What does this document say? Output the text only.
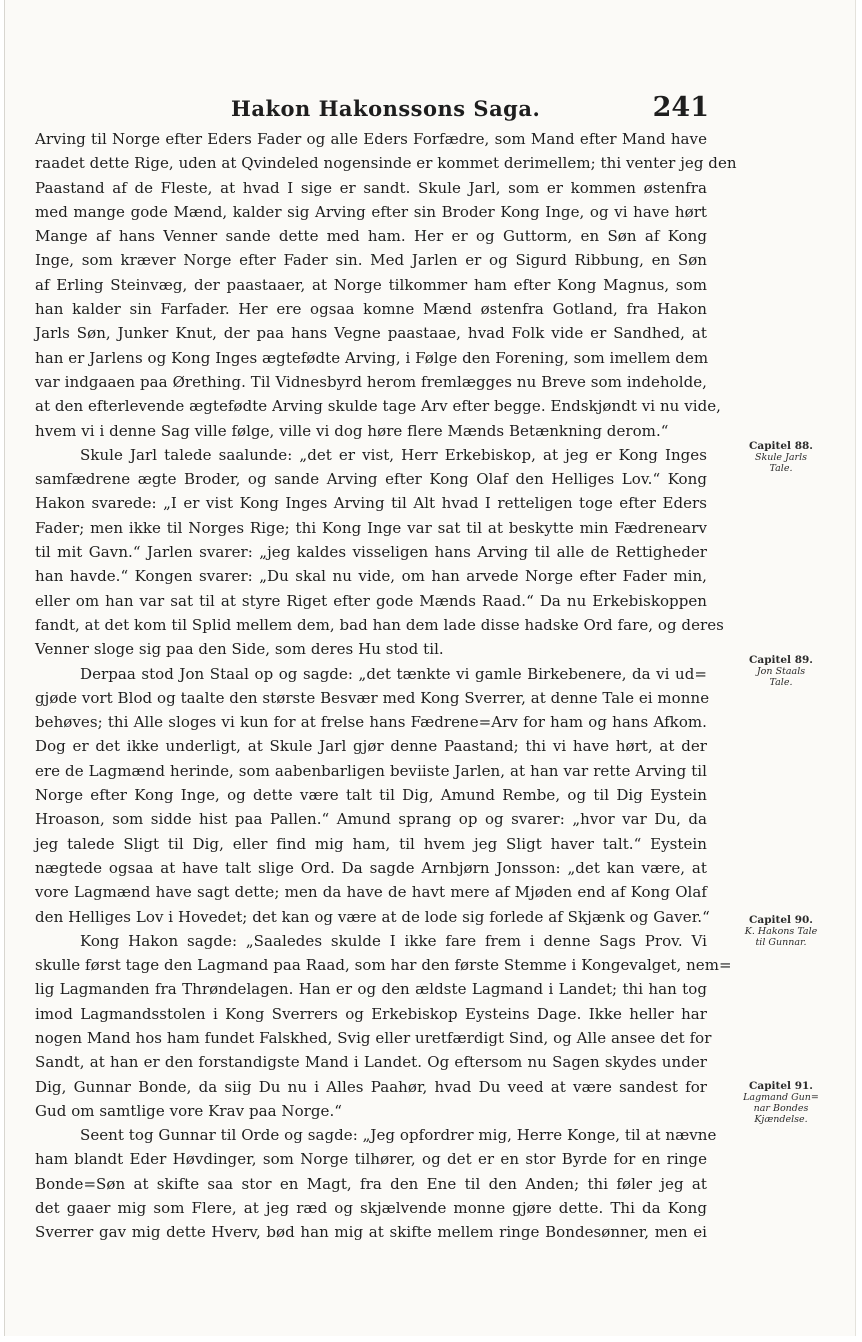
Hakon Hakonssons Saga.	241
Arving til Norge efter Eders Fader og alle Eders Forfædre, som Mand efter Mand have
raadet dette Rige, uden at Qvindeled nogensinde er kommet derimellem; thi venter jeg den
Paastand af de Fleste, at hvad I sige er sandt. Skule Jarl, som er kommen østenfra
med mange gode Mænd, kalder sig Arving efter sin Broder Kong Inge, og vi have hørt
Mange af hans Venner sande dette med ham. Her er og Guttorm, en Søn af Kong
Inge, som kræver Norge efter Fader sin. Med Jarlen er og Sigurd Ribbung, en Søn
af Erling Steinvæg, der paastaaer, at Norge tilkommer ham efter Kong Magnus, som
han kalder sin Farfader. Her ere ogsaa komne Mænd østenfra Gotland, fra Hakon
Jarls Søn, Junker Knut, der paa hans Vegne paastaae, hvad Folk vide er Sandhed, at
han er Jarlens og Kong Inges ægtefødte Arving, i Følge den Forening, som imellem dem
var indgaaen paa Ørething. Til Vidnesbyrd herom fremlægges nu Breve som indeholde,
at den efterlevende ægtefødte Arving skulde tage Arv efter begge. Endskjøndt vi nu vide,
hvem vi i denne Sag ville følge, ville vi dog høre flere Mænds Betænkning derom.“
Skule Jarl talede saalunde: „det er vist, Herr Erkebiskop, at jeg er Kong Inges
samfædrene ægte Broder, og sande Arving efter Kong Olaf den Helliges Lov.“ Kong
Hakon svarede: „I er vist Kong Inges Arving til Alt hvad I retteligen toge efter Eders
Fader; men ikke til Norges Rige; thi Kong Inge var sat til at beskytte min Fædrenearv
til mit Gavn.“ Jarlen svarer: „jeg kaldes visseligen hans Arving til alle de Rettigheder
han havde.“ Kongen svarer: „Du skal nu vide, om han arvede Norge efter Fader min,
eller om han var sat til at styre Riget efter gode Mænds Raad.“ Da nu Erkebiskoppen
fandt, at det kom til Splid mellem dem, bad han dem lade disse hadske Ord fare, og deres
Venner sloge sig paa den Side, som deres Hu stod til.
Derpaa stod Jon Staal op og sagde: „det tænkte vi gamle Birkebenere, da vi ud=
gjøde vort Blod og taalte den største Besvær med Kong Sverrer, at denne Tale ei monne
behøves; thi Alle sloges vi kun for at frelse hans Fædrene=Arv for ham og hans Afkom.
Dog er det ikke underligt, at Skule Jarl gjør denne Paastand; thi vi have hørt, at der
ere de Lagmænd herinde, som aabenbarligen beviiste Jarlen, at han var rette Arving til
Norge efter Kong Inge, og dette være talt til Dig, Amund Rembe, og til Dig Eystein
Hroason, som sidde hist paa Pallen.“ Amund sprang op og svarer: „hvor var Du, da
jeg talede Sligt til Dig, eller find mig ham, til hvem jeg Sligt haver talt.“ Eystein
nægtede ogsaa at have talt slige Ord. Da sagde Arnbjørn Jonsson: „det kan være, at
vore Lagmænd have sagt dette; men da have de havt mere af Mjøden end af Kong Olaf
den Helliges Lov i Hovedet; det kan og være at de lode sig forlede af Skjænk og Gaver.“
Kong Hakon sagde: „Saaledes skulde I ikke fare frem i denne Sags Prov. Vi
skulle først tage den Lagmand paa Raad, som har den første Stemme i Kongevalget, nem=
lig Lagmanden fra Thrøndelagen. Han er og den ældste Lagmand i Landet; thi han tog
imod Lagmandsstolen i Kong Sverrers og Erkebiskop Eysteins Dage. Ikke heller har
nogen Mand hos ham fundet Falskhed, Svig eller uretfærdigt Sind, og Alle ansee det for
Sandt, at han er den forstandigste Mand i Landet. Og eftersom nu Sagen skydes under
Dig, Gunnar Bonde, da siig Du nu i Alles Paahør, hvad Du veed at være sandest for
Gud om samtlige vore Krav paa Norge.“
Seent tog Gunnar til Orde og sagde: „Jeg opfordrer mig, Herre Konge, til at nævne
ham blandt Eder Høvdinger, som Norge tilhører, og det er en stor Byrde for en ringe
Bonde=Søn at skifte saa stor en Magt, fra den Ene til den Anden; thi føler jeg at
det gaaer mig som Flere, at jeg ræd og skjælvende monne gjøre dette. Thi da Kong
Sverrer gav mig dette Hverv, bød han mig at skifte mellem ringe Bondesønner, men ei
Capitel 88.
Skule Jarls
Tale.
Capitel 89.
Jon Staals
Tale.
Capitel 90.
K. Hakons Tale
til Gunnar.
Capitel 91.
Lagmand Gun=
nar Bondes
Kjændelse.
